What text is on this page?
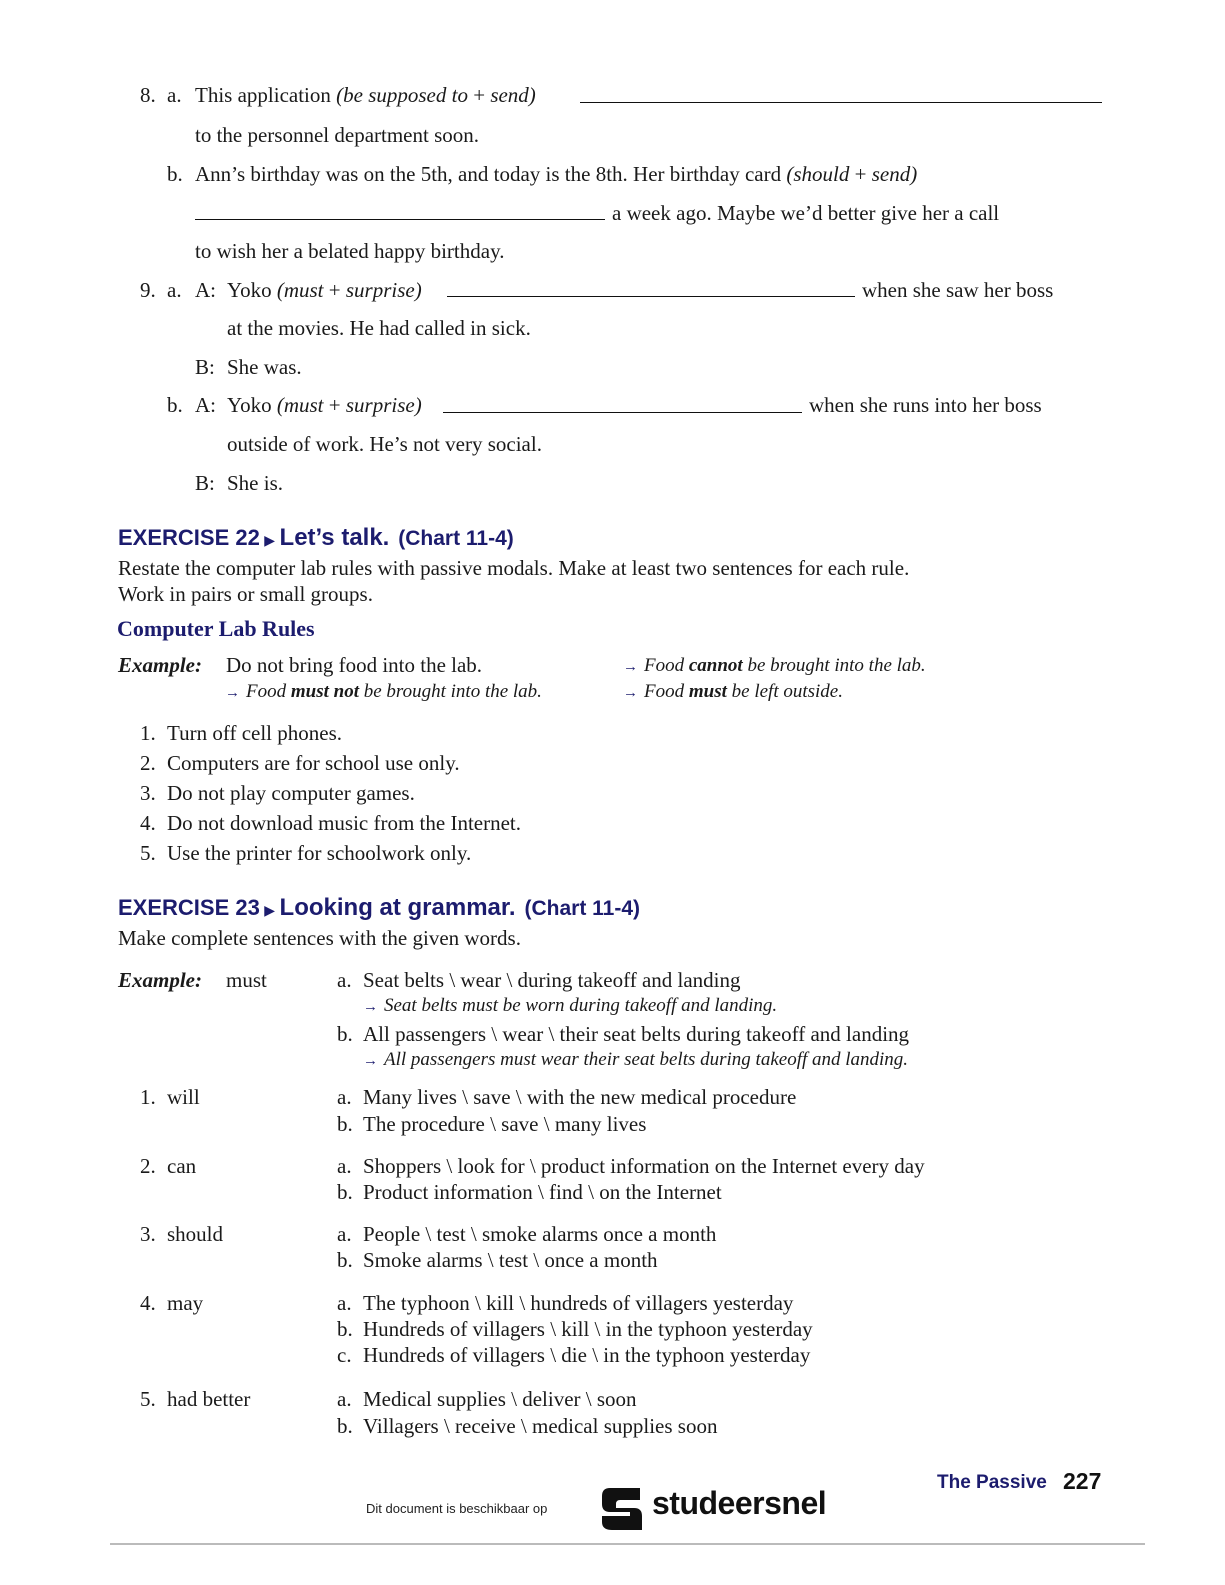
8. a. This application (be supposed to + send)
to the personnel department soon.
b. Ann’s birthday was on the 5th, and today is the 8th. Her birthday card (should + send)
a week ago. Maybe we’d better give her a call
to wish her a belated happy birthday.
9. a. A: Yoko (must + surprise)	when she saw her boss
at the movies. He had called in sick.
B: She was.
b. A: Yoko (must + surprise)	when she runs into her boss
outside of work. He’s not very social.
B: She is.
EXERCISE 22 ▶ Let’s talk. (Chart 11-4)
Restate the computer lab rules with passive modals. Make at least two sentences for each rule.
Work in pairs or small groups.
Computer Lab Rules
Example: Do not bring food into the lab.
→ Food must not be brought into the lab.
→ Food cannot be brought into the lab.
→ Food must be left outside.
1. Turn off cell phones.
2. Computers are for school use only.
3. Do not play computer games.
4. Do not download music from the Internet.
5. Use the printer for schoolwork only.
EXERCISE 23 ▶ Looking at grammar. (Chart 11-4)
Make complete sentences with the given words.
Example: must	a. Seat belts \ wear \ during takeoff and landing
→ Seat belts must be worn during takeoff and landing.
b. All passengers \ wear \ their seat belts during takeoff and landing
→ All passengers must wear their seat belts during takeoff and landing.
1. will	a. Many lives \ save \ with the new medical procedure
b. The procedure \ save \ many lives
2. can	a. Shoppers \ look for \ product information on the Internet every day
b. Product information \ find \ on the Internet
3. should	a. People \ test \ smoke alarms once a month
b. Smoke alarms \ test \ once a month
4. may	a. The typhoon \ kill \ hundreds of villagers yesterday
b. Hundreds of villagers \ kill \ in the typhoon yesterday
c. Hundreds of villagers \ die \ in the typhoon yesterday
5. had better	a. Medical supplies \ deliver \ soon
b. Villagers \ receive \ medical supplies soon
Dit document is beschikbaar op	studeersnel
The Passive 227
